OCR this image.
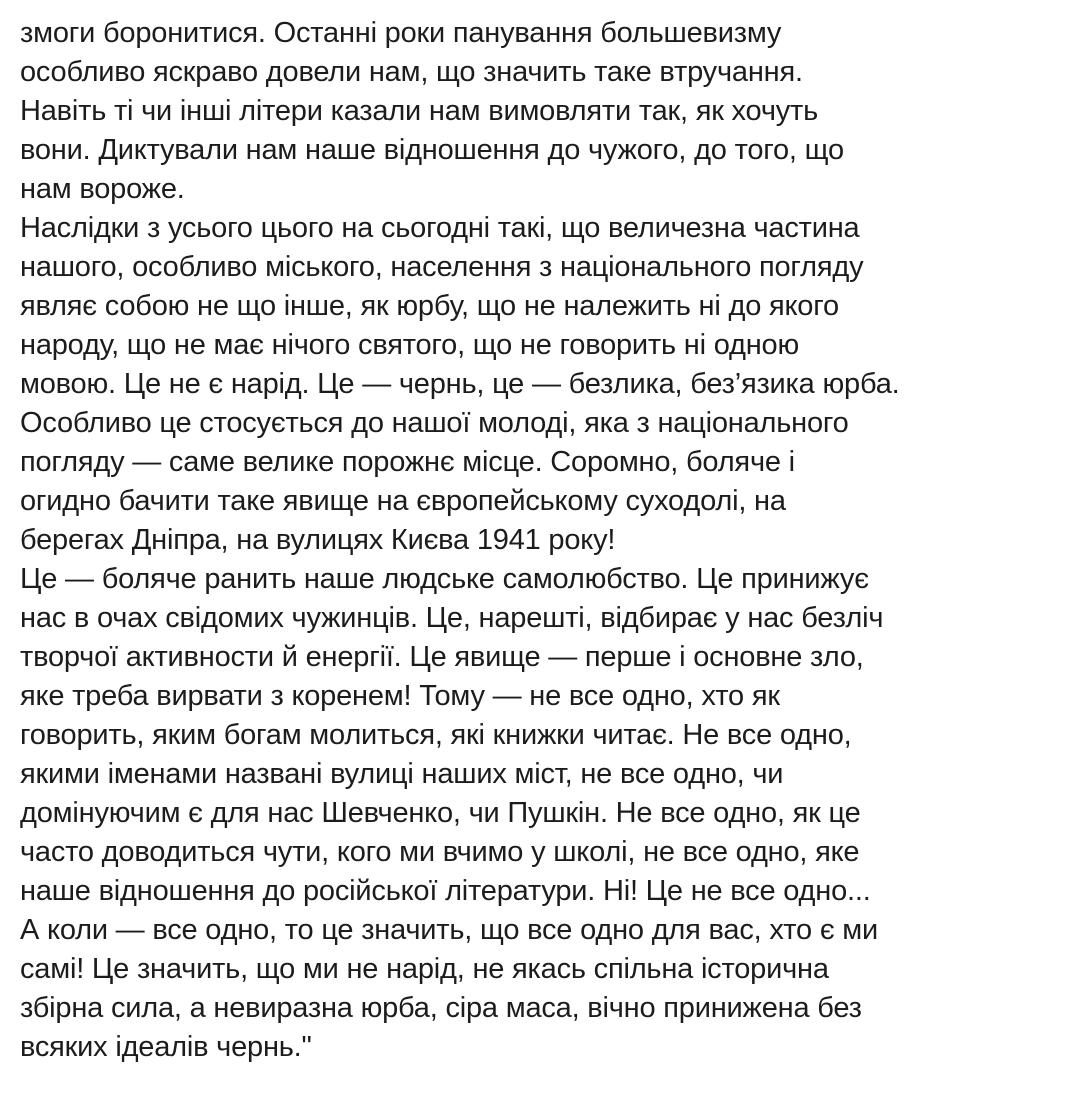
змоги боронитися. Останні роки панування большевизму
особливо яскраво довели нам, що значить таке втручання.
Навіть ті чи інші літери казали нам вимовляти так, як хочуть
вони. Диктували нам наше відношення до чужого, до того, що
нам вороже.
Наслідки з усього цього на сьогодні такі, що величезна частина
нашого, особливо міського, населення з національного погляду
являє собою не що інше, як юрбу, що не належить ні до якого
народу, що не має нічого святого, що не говорить ні одною
мовою. Це не є нарід. Це — чернь, це — безлика, без’язика юрба.
Особливо це стосується до нашої молоді, яка з національного
погляду — саме велике порожнє місце. Соромно, боляче і
огидно бачити таке явище на європейському суходолі, на
берегах Дніпра, на вулицях Києва 1941 року!
Це — боляче ранить наше людське самолюбство. Це принижує
нас в очах свідомих чужинців. Це, нарешті, відбирає у нас безліч
творчої активности й енергії. Це явище — перше і основне зло,
яке треба вирвати з коренем! Тому — не все одно, хто як
говорить, яким богам молиться, які книжки читає. Не все одно,
якими іменами названі вулиці наших міст, не все одно, чи
домінуючим є для нас Шевченко, чи Пушкін. Не все одно, як це
часто доводиться чути, кого ми вчимо у школі, не все одно, яке
наше відношення до російської літератури. Ні! Це не все одно...
А коли — все одно, то це значить, що все одно для вас, хто є ми
самі! Це значить, що ми не нарід, не якась спільна історична
збірна сила, а невиразна юрба, сіра маса, вічно принижена без
всяких ідеалів чернь."
